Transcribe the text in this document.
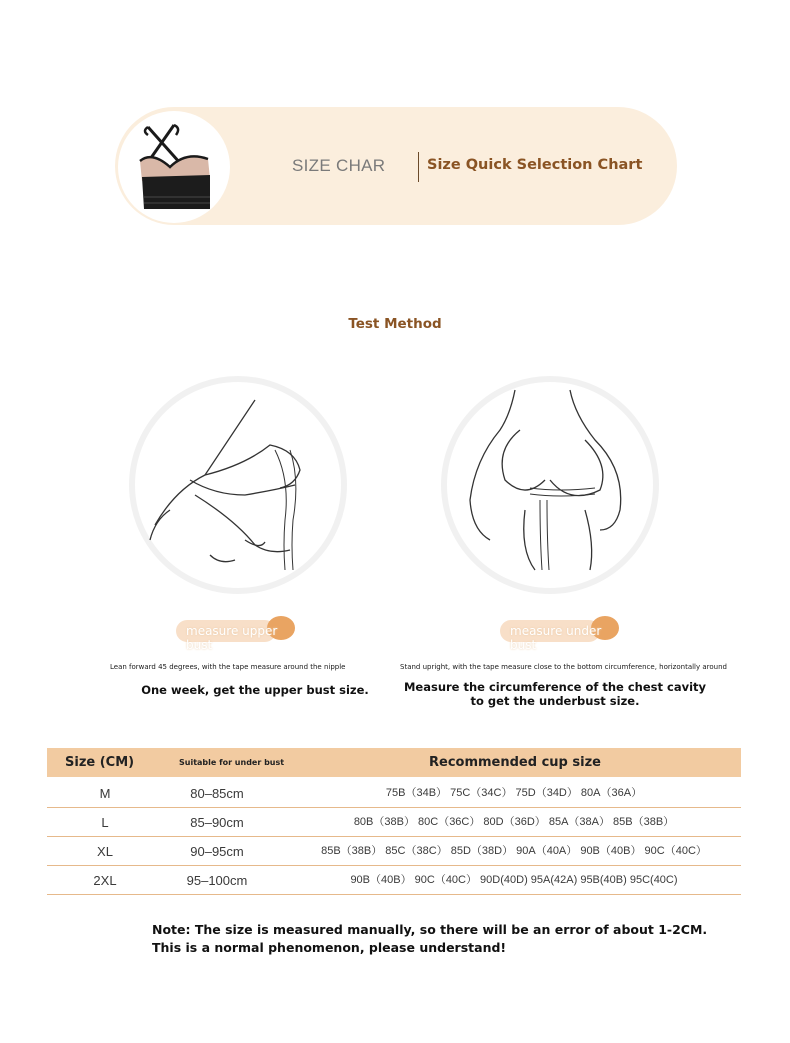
SIZE CHAR	Size Quick Selection Chart
Test Method
measure upper bust
measure under bust
Lean forward 45 degrees, with the tape measure around the nipple	Stand upright, with the tape measure close to the bottom circumference, horizontally around
One week, get the upper bust size.	Measure the circumference of the chest cavity to get the underbust size.
Size (CM)	Suitable for under bust	Recommended cup size
M	80–85cm	75B（34B） 75C（34C） 75D（34D） 80A（36A）
L	85–90cm	80B（38B） 80C（36C） 80D（36D） 85A（38A） 85B（38B）
XL	90–95cm	85B（38B） 85C（38C） 85D（38D） 90A（40A） 90B（40B） 90C（40C）
2XL	95–100cm	90B（40B） 90C（40C） 90D(40D) 95A(42A) 95B(40B) 95C(40C)
Note: The size is measured manually, so there will be an error of about 1-2CM.
This is a normal phenomenon, please understand!
